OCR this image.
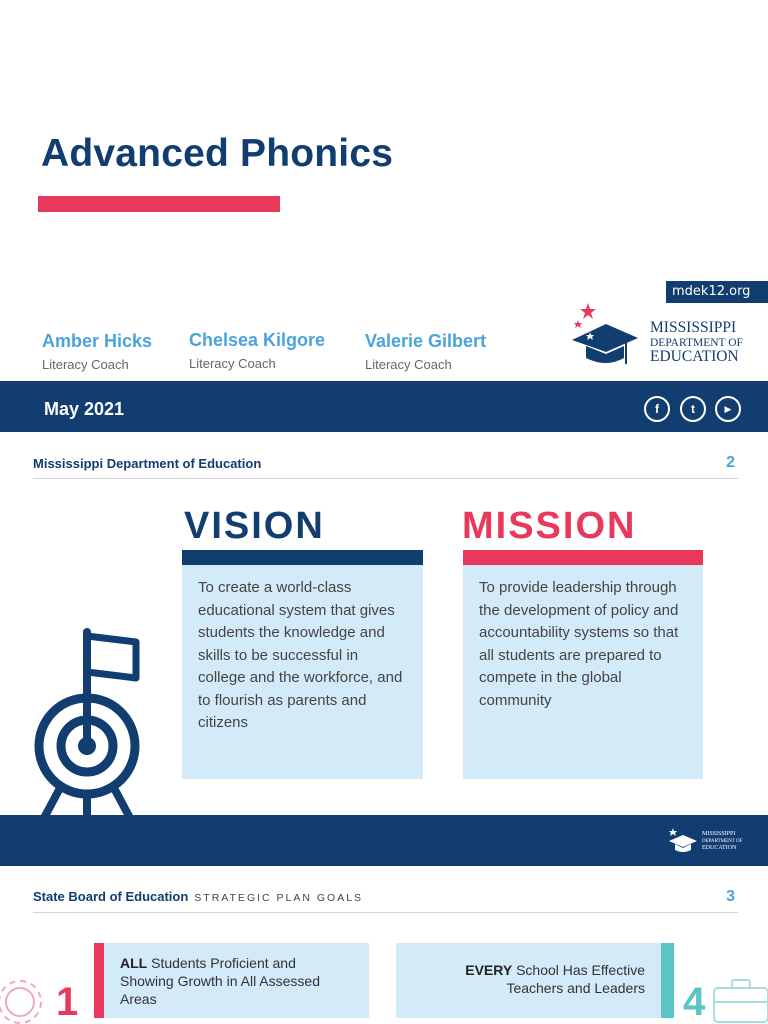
Advanced Phonics
mdek12.org
Amber Hicks
Literacy Coach
Chelsea Kilgore
Literacy Coach
Valerie Gilbert
Literacy Coach
MISSISSIPPI
DEPARTMENT OF
EDUCATION
May 2021	f	t	▶
Mississippi Department of Education	2
VISION
To create a world-class educational system that gives students the knowledge and skills to be successful in college and the workforce, and to flourish as parents and citizens
MISSION
To provide leadership through the development of policy and accountability systems so that all students are prepared to compete in the global community
MISSISSIPPI
DEPARTMENT OF
EDUCATION
State Board of Education STRATEGIC PLAN GOALS	3
1
ALL Students Proficient and Showing Growth in All Assessed Areas
EVERY School Has Effective Teachers and Leaders 4
